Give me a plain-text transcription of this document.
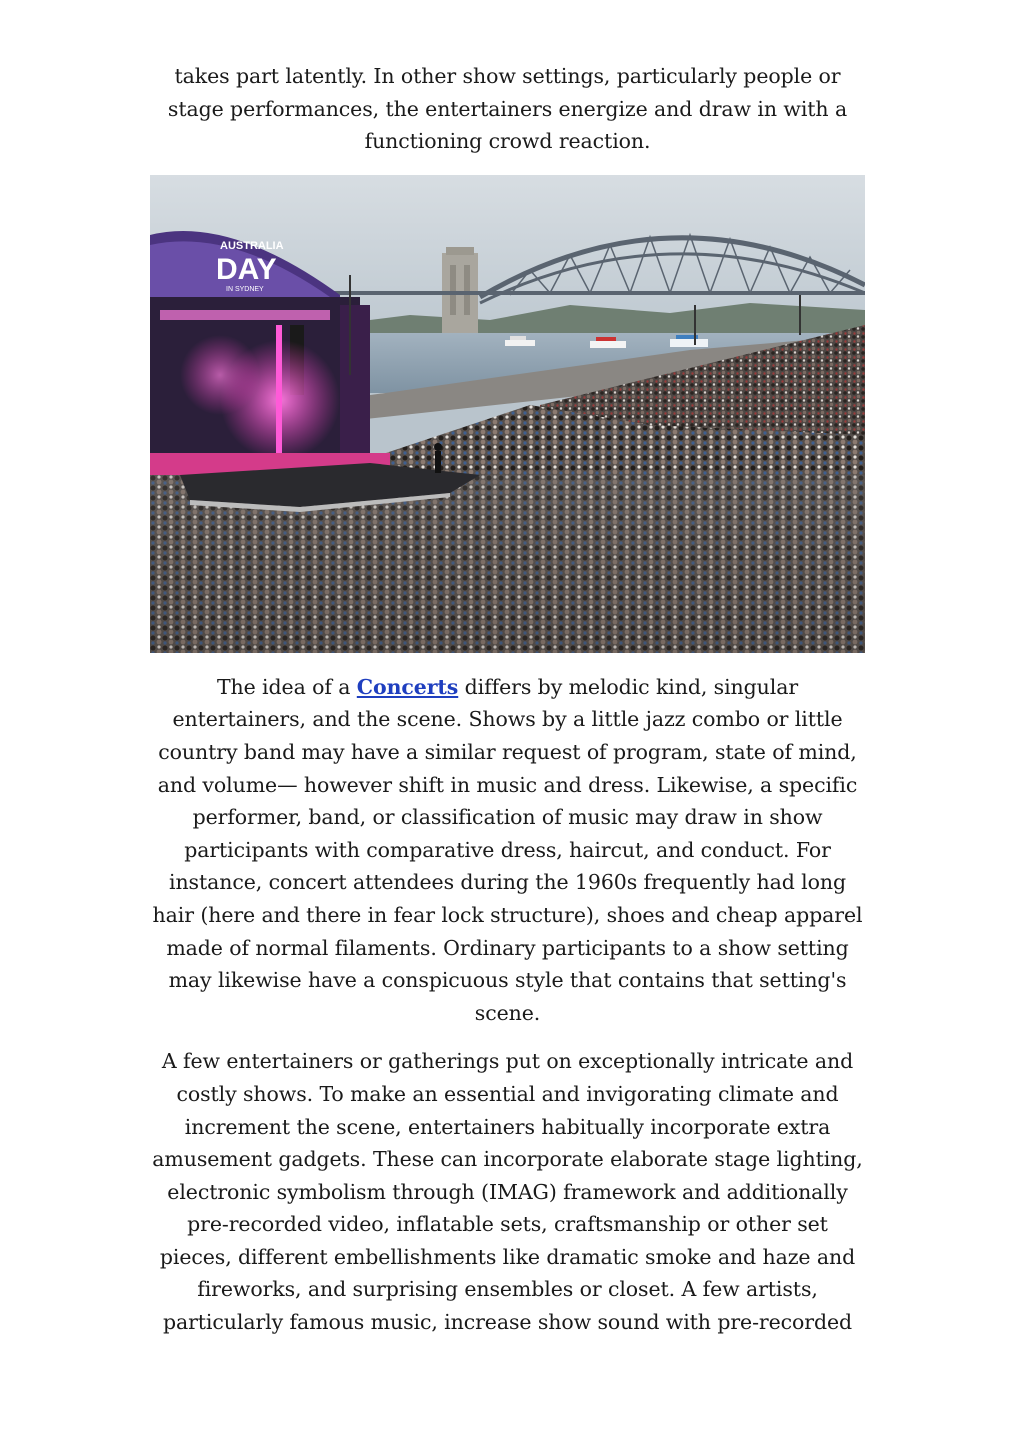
takes part latently. In other show settings, particularly people or stage performances, the entertainers energize and draw in with a functioning crowd reaction.

AUSTRALIA
DAY
IN SYDNEY

The idea of a Concerts differs by melodic kind, singular entertainers, and the scene. Shows by a little jazz combo or little country band may have a similar request of program, state of mind, and volume— however shift in music and dress. Likewise, a specific performer, band, or classification of music may draw in show participants with comparative dress, haircut, and conduct. For instance, concert attendees during the 1960s frequently had long hair (here and there in fear lock structure), shoes and cheap apparel made of normal filaments. Ordinary participants to a show setting may likewise have a conspicuous style that contains that setting's scene.

A few entertainers or gatherings put on exceptionally intricate and costly shows. To make an essential and invigorating climate and increment the scene, entertainers habitually incorporate extra amusement gadgets. These can incorporate elaborate stage lighting, electronic symbolism through (IMAG) framework and additionally pre-recorded video, inflatable sets, craftsmanship or other set pieces, different embellishments like dramatic smoke and haze and fireworks, and surprising ensembles or closet. A few artists, particularly famous music, increase show sound with pre-recorded
